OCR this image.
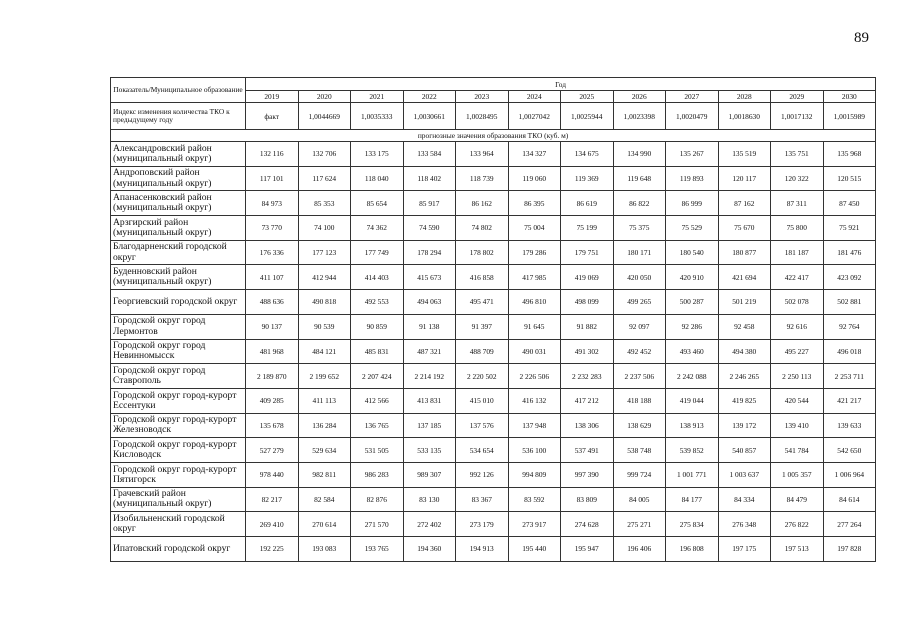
89
Показатель/Муниципальное образование	Год											
	2019	2020	2021	2022	2023	2024	2025	2026	2027	2028	2029	2030
Индекс изменения количества ТКО к предыдущему году	факт	1,0044669	1,0035333	1,0030661	1,0028495	1,0027042	1,0025944	1,0023398	1,0020479	1,0018630	1,0017132	1,0015989
прогнозные значения образования ТКО (куб. м)												
Александровский район (муниципальный округ)	132 116	132 706	133 175	133 584	133 964	134 327	134 675	134 990	135 267	135 519	135 751	135 968
Андроповский район (муниципальный округ)	117 101	117 624	118 040	118 402	118 739	119 060	119 369	119 648	119 893	120 117	120 322	120 515
Апанасенковский район (муниципальный округ)	84 973	85 353	85 654	85 917	86 162	86 395	86 619	86 822	86 999	87 162	87 311	87 450
Арзгирский район (муниципальный округ)	73 770	74 100	74 362	74 590	74 802	75 004	75 199	75 375	75 529	75 670	75 800	75 921
Благодарненский городской округ	176 336	177 123	177 749	178 294	178 802	179 286	179 751	180 171	180 540	180 877	181 187	181 476
Буденновский район (муниципальный округ)	411 107	412 944	414 403	415 673	416 858	417 985	419 069	420 050	420 910	421 694	422 417	423 092
Георгиевский городской округ	488 636	490 818	492 553	494 063	495 471	496 810	498 099	499 265	500 287	501 219	502 078	502 881
Городской округ город Лермонтов	90 137	90 539	90 859	91 138	91 397	91 645	91 882	92 097	92 286	92 458	92 616	92 764
Городской округ город Невинномысск	481 968	484 121	485 831	487 321	488 709	490 031	491 302	492 452	493 460	494 380	495 227	496 018
Городской округ город Ставрополь	2 189 870	2 199 652	2 207 424	2 214 192	2 220 502	2 226 506	2 232 283	2 237 506	2 242 088	2 246 265	2 250 113	2 253 711
Городской округ город-курорт Ессентуки	409 285	411 113	412 566	413 831	415 010	416 132	417 212	418 188	419 044	419 825	420 544	421 217
Городской округ город-курорт Железноводск	135 678	136 284	136 765	137 185	137 576	137 948	138 306	138 629	138 913	139 172	139 410	139 633
Городской округ город-курорт Кисловодск	527 279	529 634	531 505	533 135	534 654	536 100	537 491	538 748	539 852	540 857	541 784	542 650
Городской округ город-курорт Пятигорск	978 440	982 811	986 283	989 307	992 126	994 809	997 390	999 724	1 001 771	1 003 637	1 005 357	1 006 964
Грачевский район (муниципальный округ)	82 217	82 584	82 876	83 130	83 367	83 592	83 809	84 005	84 177	84 334	84 479	84 614
Изобильненский городской округ	269 410	270 614	271 570	272 402	273 179	273 917	274 628	275 271	275 834	276 348	276 822	277 264
Ипатовский городской округ	192 225	193 083	193 765	194 360	194 913	195 440	195 947	196 406	196 808	197 175	197 513	197 828
